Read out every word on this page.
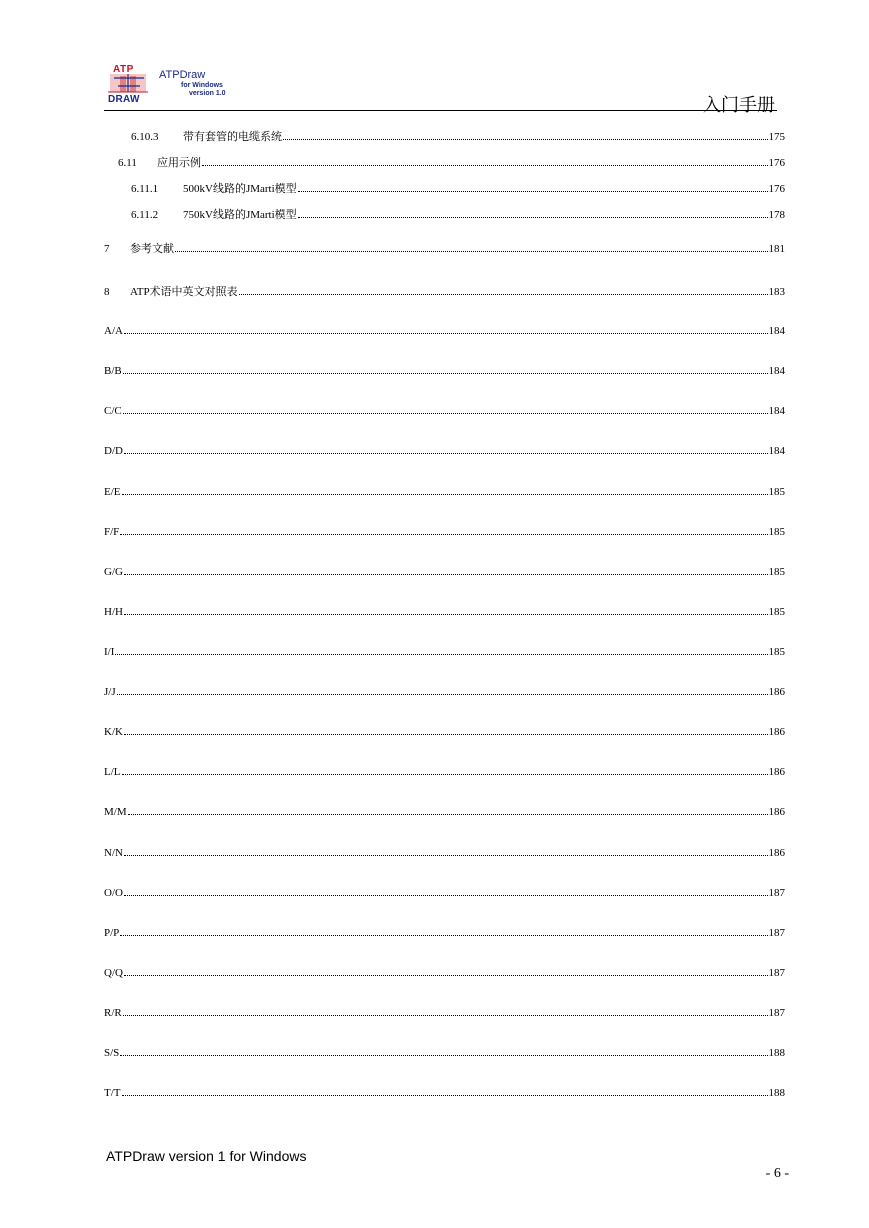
ATP
DRAW
ATPDraw
for Windows
version 1.0
入门手册
6.10.3	带有套管的电缆系统	175
6.11	应用示例	176
6.11.1	500kV线路的JMarti模型	176
6.11.2	750kV线路的JMarti模型	178
7	参考文献	181
8	ATP术语中英文对照表	183
A/A	184
B/B	184
C/C	184
D/D	184
E/E	185
F/F	185
G/G	185
H/H	185
I/I	185
J/J	186
K/K	186
L/L	186
M/M	186
N/N	186
O/O	187
P/P	187
Q/Q	187
R/R	187
S/S	188
T/T	188
ATPDraw version 1 for Windows
- 6 -
